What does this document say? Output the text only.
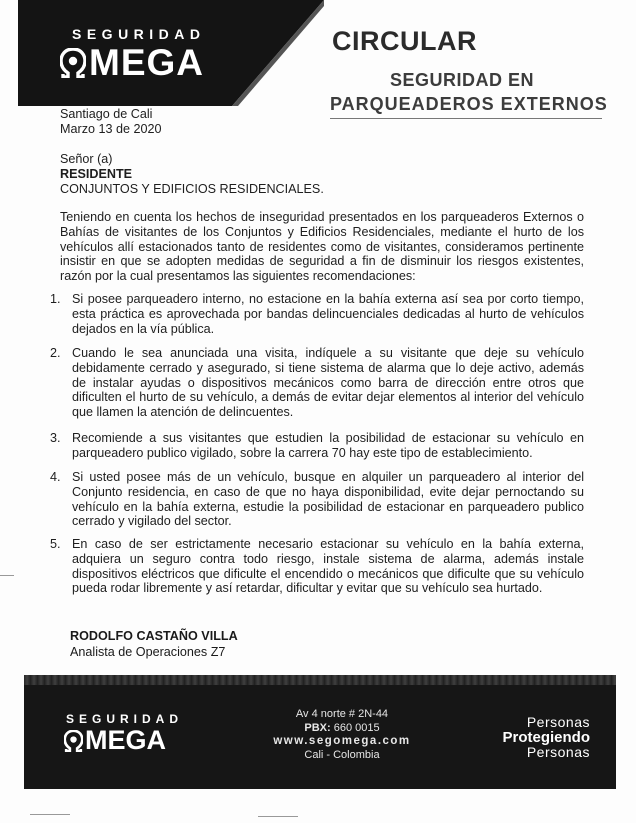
SEGURIDAD
MEGA
CIRCULAR
SEGURIDAD EN
PARQUEADEROS EXTERNOS
Santiago de Cali
Marzo 13 de 2020
Señor (a)
RESIDENTE
CONJUNTOS Y EDIFICIOS RESIDENCIALES.
Teniendo en cuenta los hechos de inseguridad presentados en los parqueaderos Externos o Bahías de visitantes de los Conjuntos y Edificios Residenciales, mediante el hurto de los vehículos allí estacionados tanto de residentes como de visitantes, consideramos pertinente insistir en que se adopten medidas de seguridad a fin de disminuir los riesgos existentes, razón por la cual presentamos las siguientes recomendaciones:
1. Si posee parqueadero interno, no estacione en la bahía externa así sea por corto tiempo, esta práctica es aprovechada por bandas delincuenciales dedicadas al hurto de vehículos dejados en la vía pública.
2. Cuando le sea anunciada una visita, indíquele a su visitante que deje su vehículo debidamente cerrado y asegurado, si tiene sistema de alarma que lo deje activo, además de instalar ayudas o dispositivos mecánicos como barra de dirección entre otros que dificulten el hurto de su vehículo, a demás de evitar dejar elementos al interior del vehículo que llamen la atención de delincuentes.
3. Recomiende a sus visitantes que estudien la posibilidad de estacionar su vehículo en parqueadero publico vigilado, sobre la carrera 70 hay este tipo de establecimiento.
4. Si usted posee más de un vehículo, busque en alquiler un parqueadero al interior del Conjunto residencia, en caso de que no haya disponibilidad, evite dejar pernoctando su vehículo en la bahía externa, estudie la posibilidad de estacionar en parqueadero publico cerrado y vigilado del sector.
5. En caso de ser estrictamente necesario estacionar su vehículo en la bahía externa, adquiera un seguro contra todo riesgo, instale sistema de alarma, además instale dispositivos eléctricos que dificulte el encendido o mecánicos que dificulte que su vehículo pueda rodar libremente y así retardar, dificultar y evitar que su vehículo sea hurtado.
RODOLFO CASTAÑO VILLA
Analista de Operaciones Z7
SEGURIDAD
MEGA
Av 4 norte # 2N-44
PBX: 660 0015
www.segomega.com
Cali - Colombia
Personas
Protegiendo
Personas
